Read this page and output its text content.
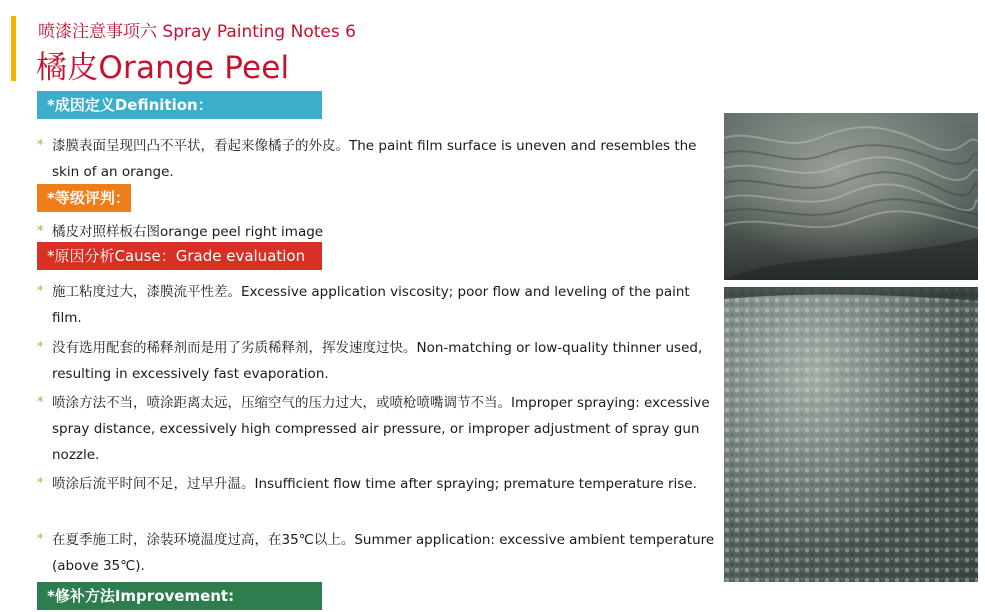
喷漆注意事项六 Spray Painting Notes 6
橘皮Orange Peel
*成因定义Definition：
* 漆膜表面呈现凹凸不平状，看起来像橘子的外皮。The paint film surface is uneven and resembles the skin of an orange.
*等级评判：
* 橘皮对照样板右图orange peel right image
*原因分析Cause：Grade evaluation
* 施工粘度过大，漆膜流平性差。Excessive application viscosity; poor flow and leveling of the paint film.
* 没有选用配套的稀释剂而是用了劣质稀释剂，挥发速度过快。Non-matching or low-quality thinner used, resulting in excessively fast evaporation.
* 喷涂方法不当，喷涂距离太远，压缩空气的压力过大，或喷枪喷嘴调节不当。Improper spraying: excessive spray distance, excessively high compressed air pressure, or improper adjustment of spray gun nozzle.
* 喷涂后流平时间不足，过早升温。Insufficient flow time after spraying; premature temperature rise.
* 在夏季施工时，涂装环境温度过高，在35℃以上。Summer application: excessive ambient temperature (above 35℃).
*修补方法Improvement:
